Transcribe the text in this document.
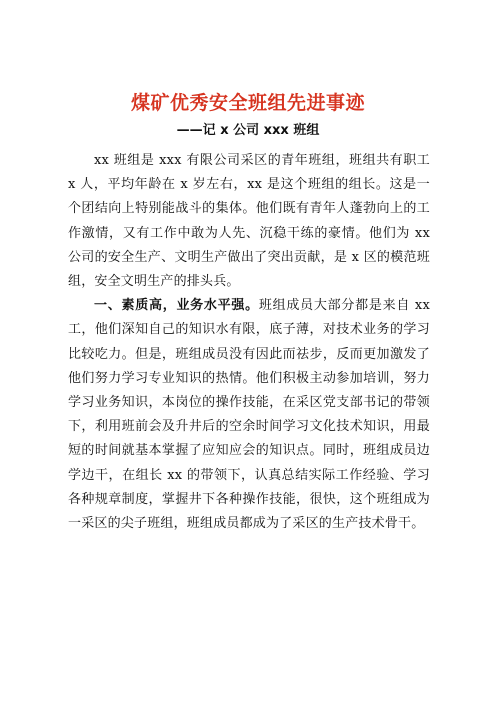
煤矿优秀安全班组先进事迹
——记 x 公司 xxx 班组

xx 班组是 xxx 有限公司采区的青年班组，班组共有职工 x 人，平均年龄在 x 岁左右，xx 是这个班组的组长。这是一个团结向上特别能战斗的集体。他们既有青年人蓬勃向上的工作激情，又有工作中敢为人先、沉稳干练的豪情。他们为 xx 公司的安全生产、文明生产做出了突出贡献，是 x 区的模范班组，安全文明生产的排头兵。

一、素质高，业务水平强。班组成员大部分都是来自 xx 工，他们深知自己的知识水有限，底子薄，对技术业务的学习比较吃力。但是，班组成员没有因此而祛步，反而更加激发了他们努力学习专业知识的热情。他们积极主动参加培训，努力学习业务知识，本岗位的操作技能，在采区党支部书记的带领下，利用班前会及升井后的空余时间学习文化技术知识，用最短的时间就基本掌握了应知应会的知识点。同时，班组成员边学边干，在组长 xx 的带领下，认真总结实际工作经验、学习各种规章制度，掌握井下各种操作技能，很快，这个班组成为一采区的尖子班组，班组成员都成为了采区的生产技术骨干。
